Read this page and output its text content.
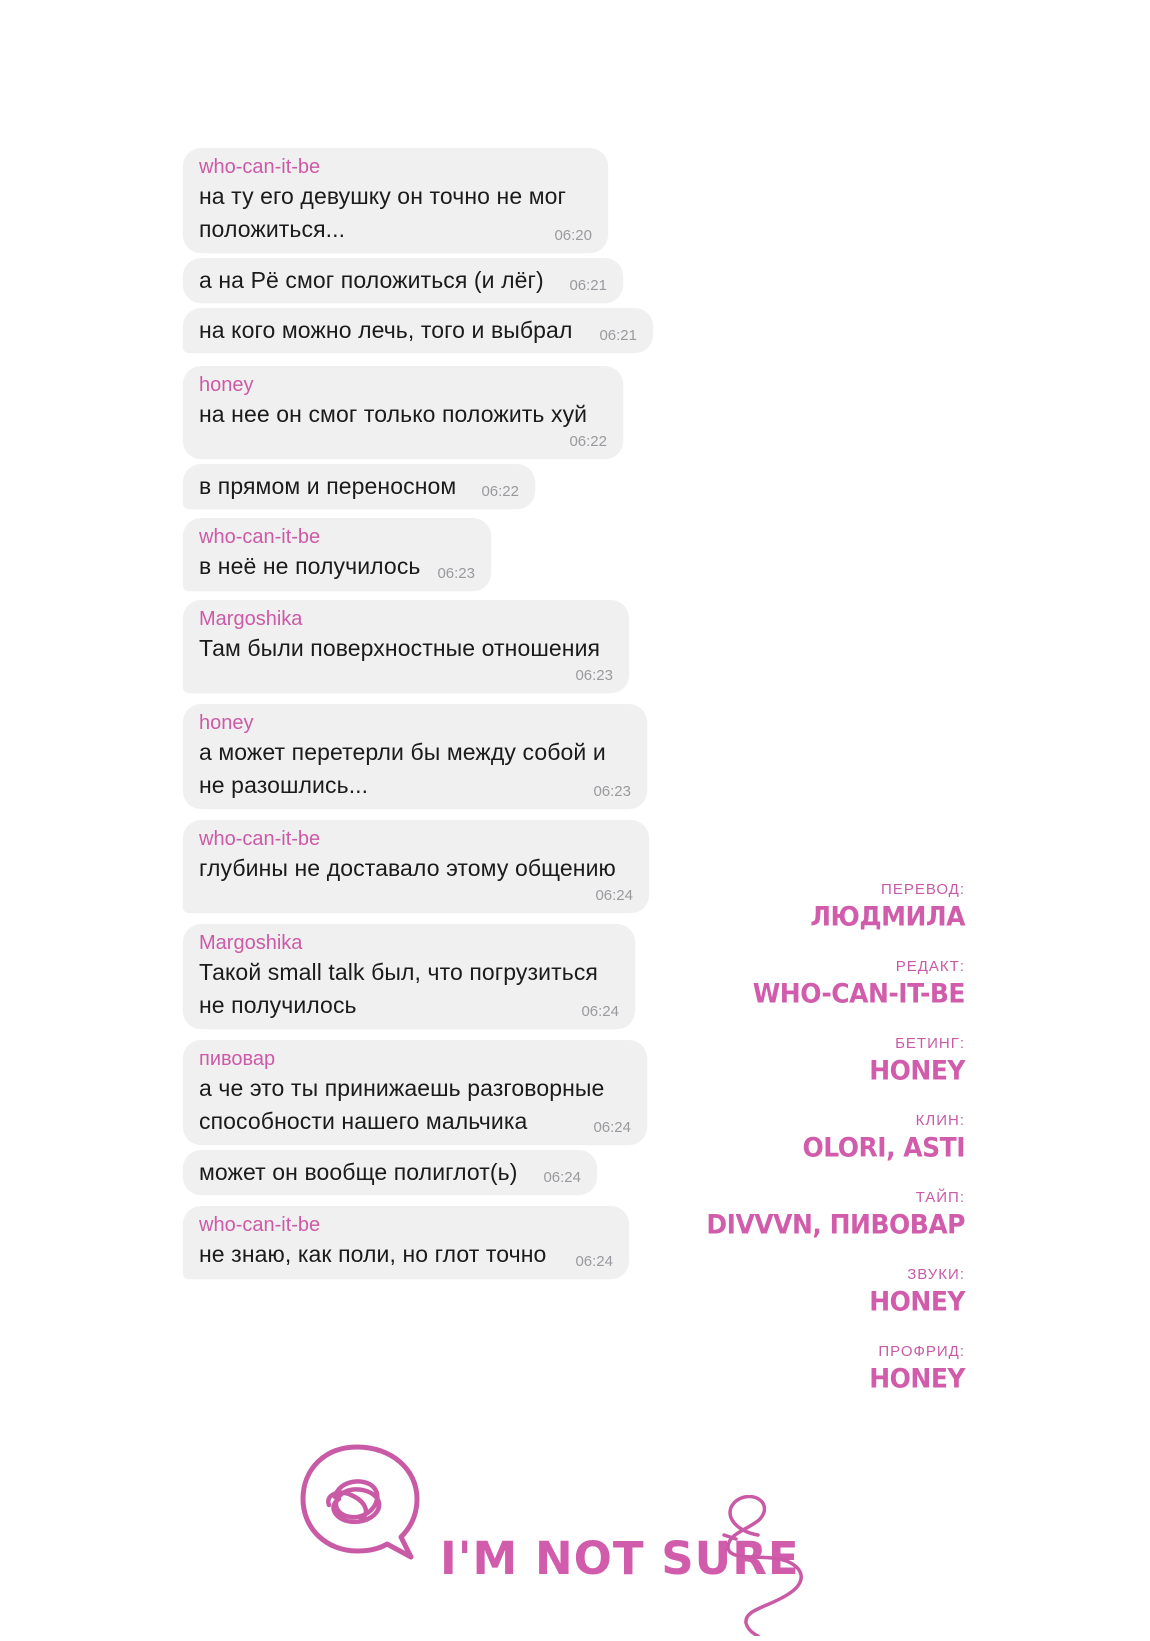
who-can-it-be
на ту его девушку он точно не мог положиться...	06:20
а на Рё смог положиться (и лёг)	06:21
на кого можно лечь, того и выбрал	06:21
honey
на нее он смог только положить хуй
06:22
в прямом и переносном	06:22
who-can-it-be
в неё не получилось	06:23
Margoshika
Там были поверхностные отношения
06:23
honey
а может перетерли бы между собой и не разошлись...	06:23
who-can-it-be
глубины не доставало этому общению
06:24
Margoshika
Такой small talk был, что погрузиться не получилось	06:24
пивовар
а че это ты принижаешь разговорные способности нашего мальчика	06:24
может он вообще полиглот(ь)	06:24
who-can-it-be
не знаю, как поли, но глот точно	06:24
ПЕРЕВОД:
ЛЮДМИЛА
РЕДАКТ:
WHO-CAN-IT-BE
БЕТИНГ:
HONEY
КЛИН:
OLORI, ASTI
ТАЙП:
DIVVVN, ПИВОВАР
ЗВУКИ:
HONEY
ПРОФРИД:
HONEY
I'M NOT SURE
